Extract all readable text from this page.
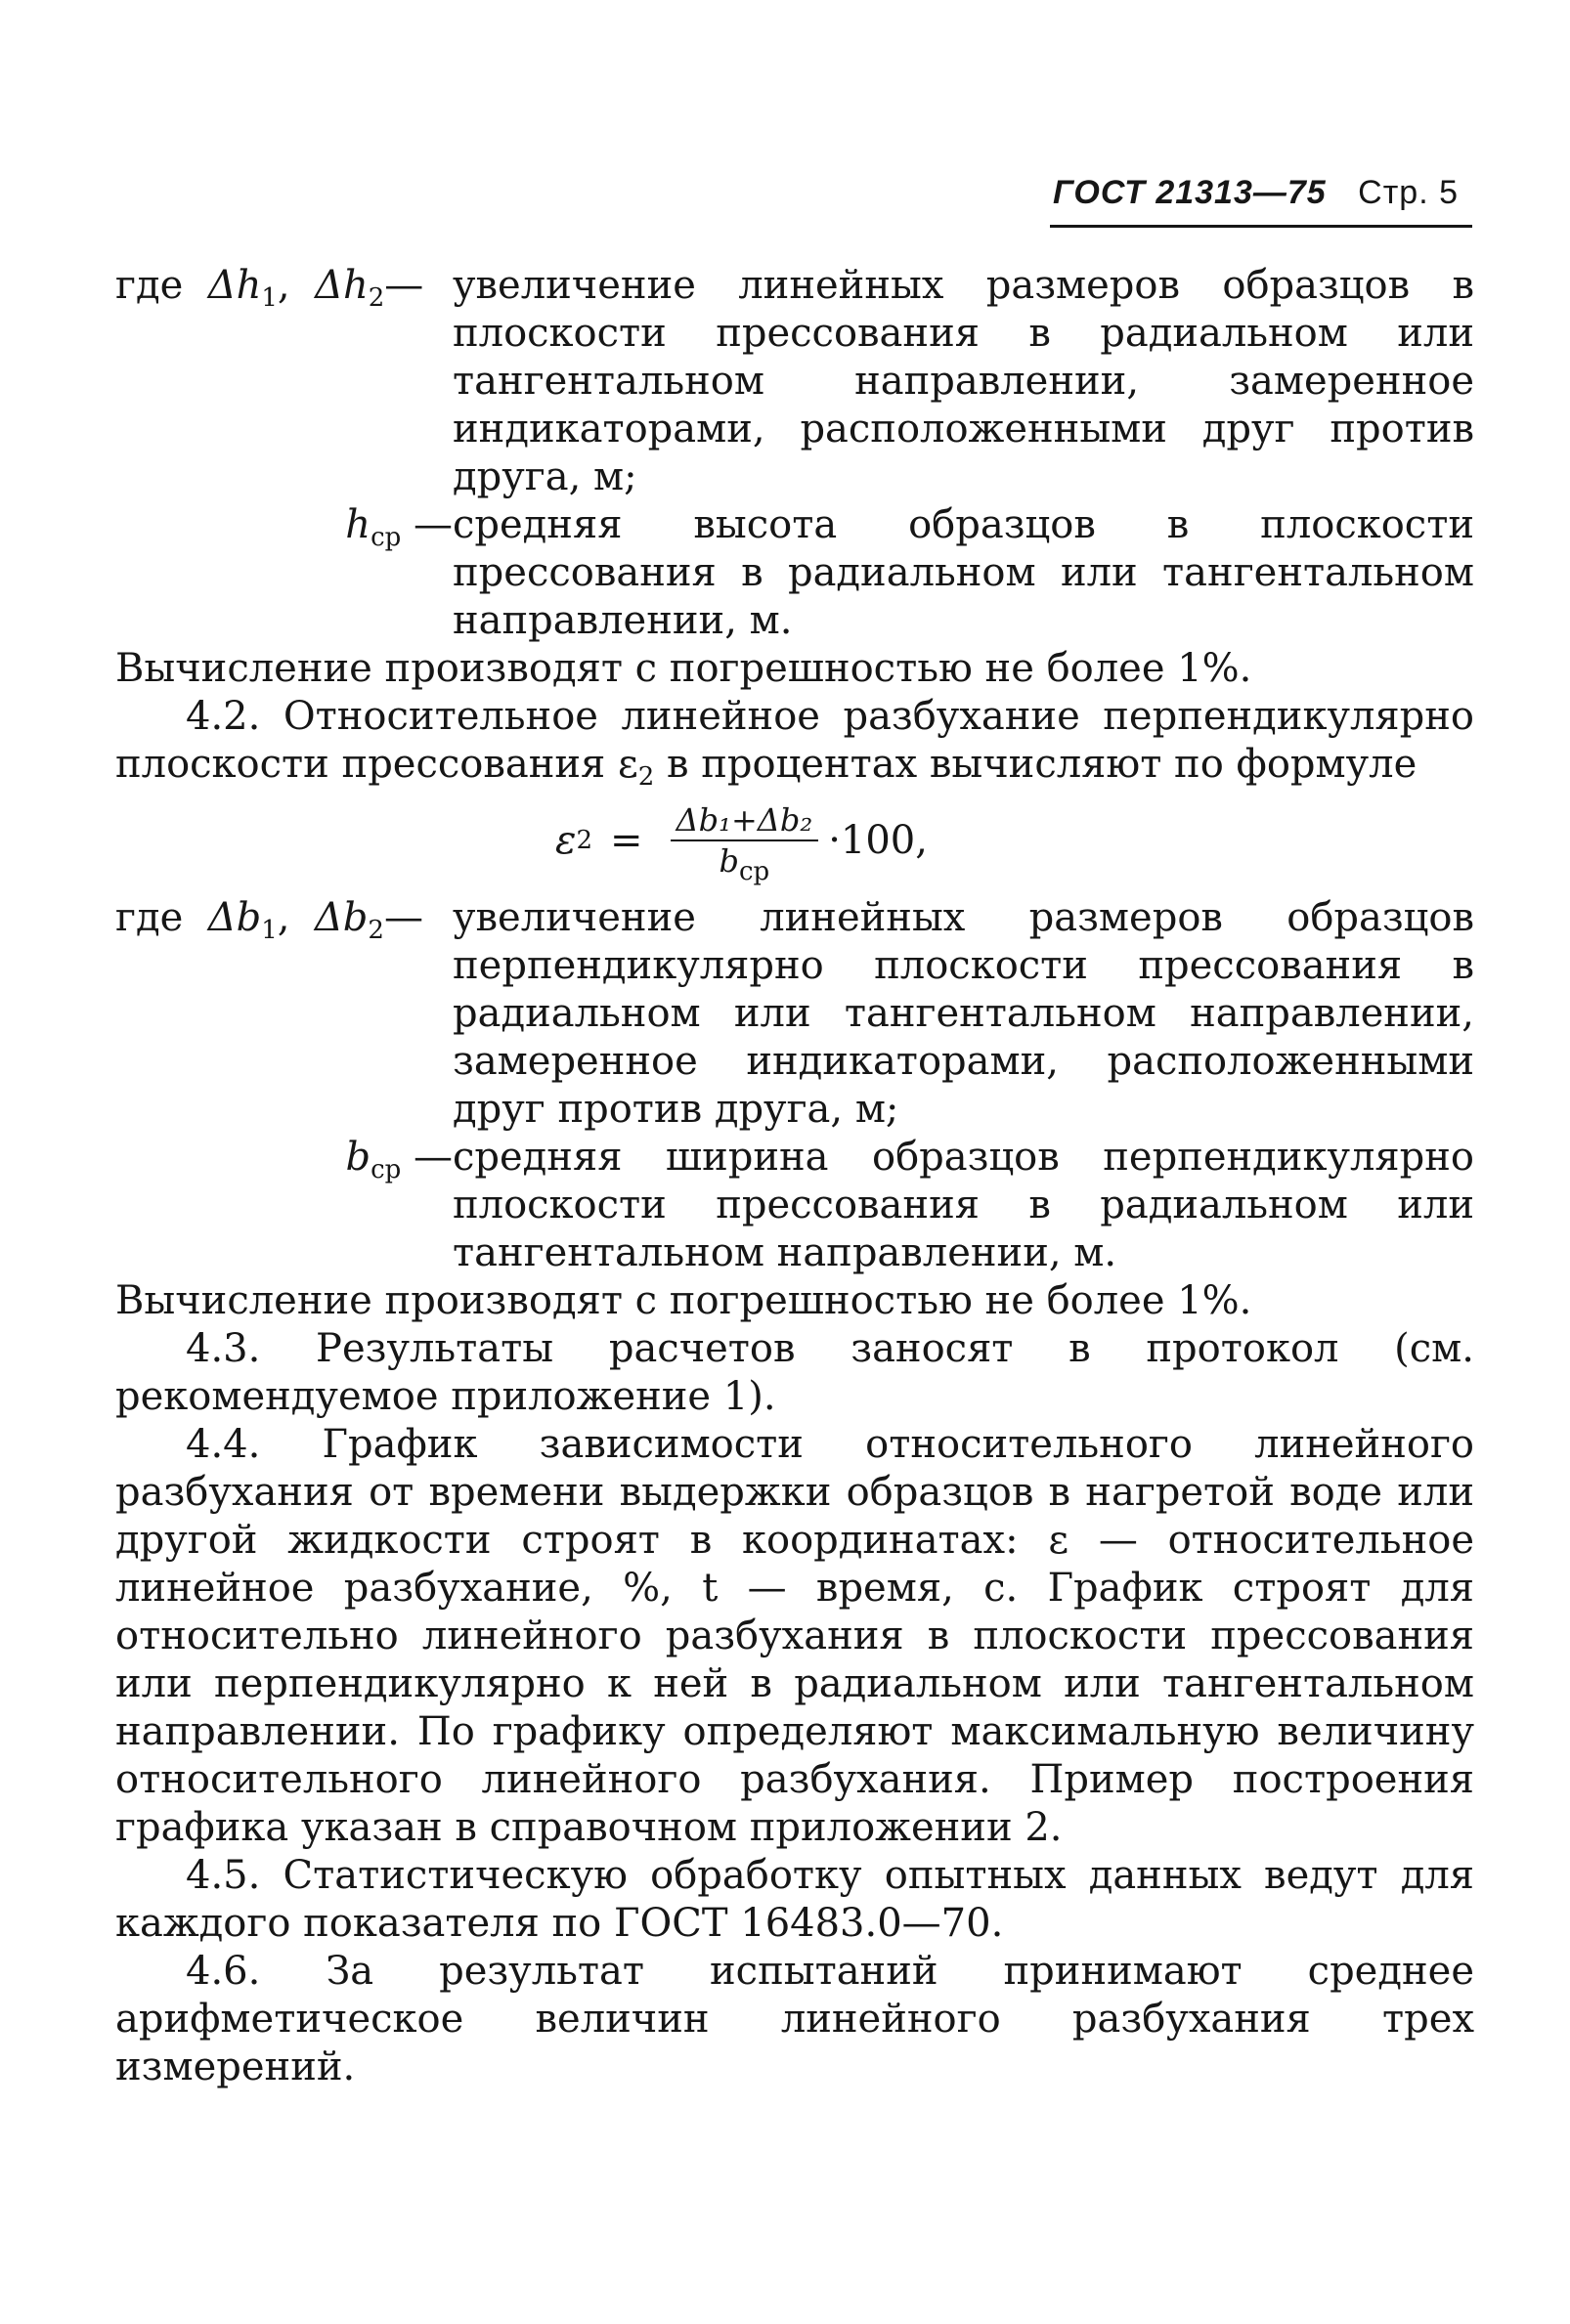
ГОСТ 21313—75 Стр. 5
где $\Delta h_1$, $\Delta h_2—$ увеличение линейных размеров образцов в плоскости прессования в радиальном или тангентальном направлении, замеренное индикаторами, расположенными друг против друга, м;
$h_{ср}$ — средняя высота образцов в плоскости прессования в радиальном или тангентальном направлении, м.

Вычисление производят с погрешностью не более 1%.

4.2. Относительное линейное разбухание перпендикулярно плоскости прессования $\varepsilon_2$ в процентах вычисляют по формуле

ε $2 = \frac{\text{Δb₁+Δb₂}}{b_{ср}} \cdot 100$,
где $\Delta b_1$, $\Delta b_2—$ увеличение линейных размеров образцов перпендикулярно плоскости прессования в радиальном или тангентальном направлении, замеренное индикаторами, расположенными друг против друга, м;
$b_{ср}$ — средняя ширина образцов перпендикулярно плоскости прессования в радиальном или тангентальном направлении, м.

Вычисление производят с погрешностью не более 1%.

4.3. Результаты расчетов заносят в протокол (см. рекомендуемое приложение 1).

4.4. График зависимости относительного линейного разбухания от времени выдержки образцов в нагретой воде или другой жидкости строят в координатах: ε — относительное линейное разбухание, %, t — время, с. График строят для относительно линейного разбухания в плоскости прессования или перпендикулярно к ней в радиальном или тангентальном направлении. По графику определяют максимальную величину относительного линейного разбухания. Пример построения графика указан в справочном приложении 2.

4.5. Статистическую обработку опытных данных ведут для каждого показателя по ГОСТ 16483.0—70.

4.6. За результат испытаний принимают среднее арифметическое величин линейного разбухания трех измерений.
